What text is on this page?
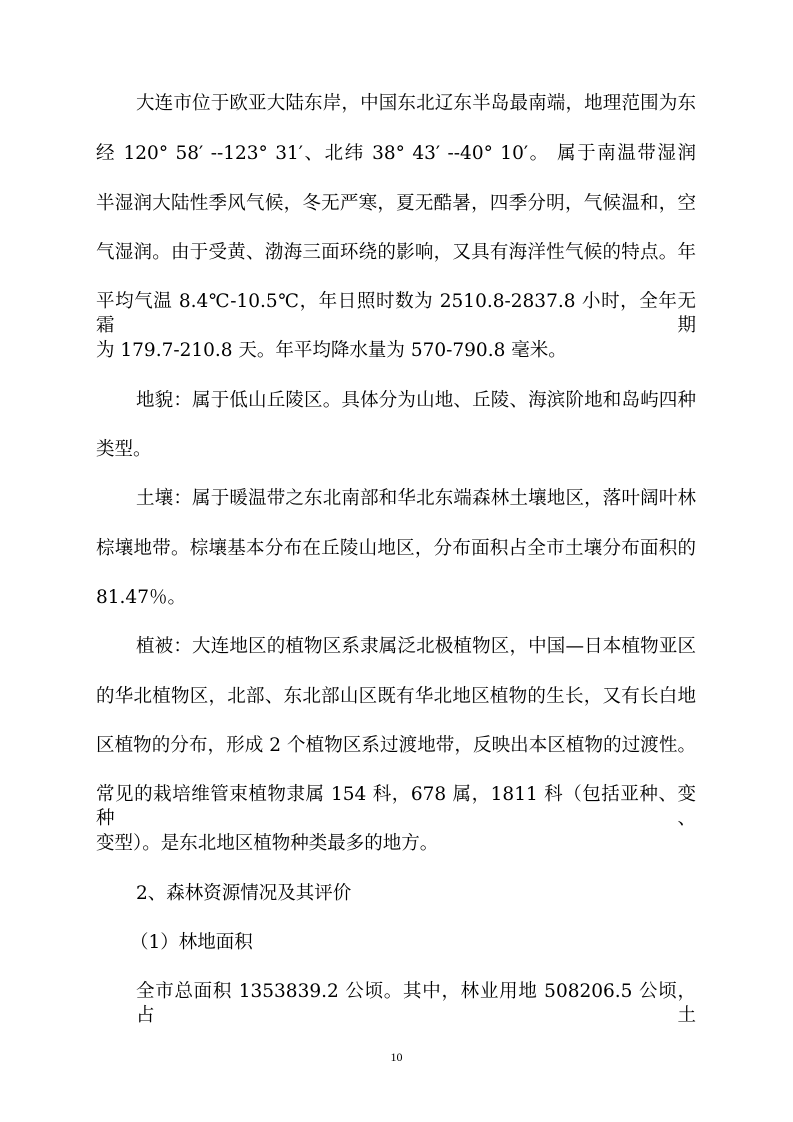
大连市位于欧亚大陆东岸，中国东北辽东半岛最南端，地理范围为东
经 120° 58′ --123° 31′、北纬 38° 43′ --40° 10′。 属于南温带湿润
半湿润大陆性季风气候，冬无严寒，夏无酷暑，四季分明，气候温和，空
气湿润。由于受黄、渤海三面环绕的影响，又具有海洋性气候的特点。年
平均气温 8.4℃-10.5℃，年日照时数为 2510.8-2837.8 小时，全年无霜期
为 179.7-210.8 天。年平均降水量为 570-790.8 毫米。
地貌：属于低山丘陵区。具体分为山地、丘陵、海滨阶地和岛屿四种
类型。
土壤：属于暖温带之东北南部和华北东端森林土壤地区，落叶阔叶林
棕壤地带。棕壤基本分布在丘陵山地区，分布面积占全市土壤分布面积的
81.47％。
植被：大连地区的植物区系隶属泛北极植物区，中国—日本植物亚区
的华北植物区，北部、东北部山区既有华北地区植物的生长，又有长白地
区植物的分布，形成 2 个植物区系过渡地带，反映出本区植物的过渡性。
常见的栽培维管束植物隶属 154 科，678 属，1811 科（包括亚种、变种、
变型）。是东北地区植物种类最多的地方。
2、森林资源情况及其评价
（1）林地面积
全市总面积 1353839.2 公顷。其中，林业用地 508206.5 公顷，占土
10
